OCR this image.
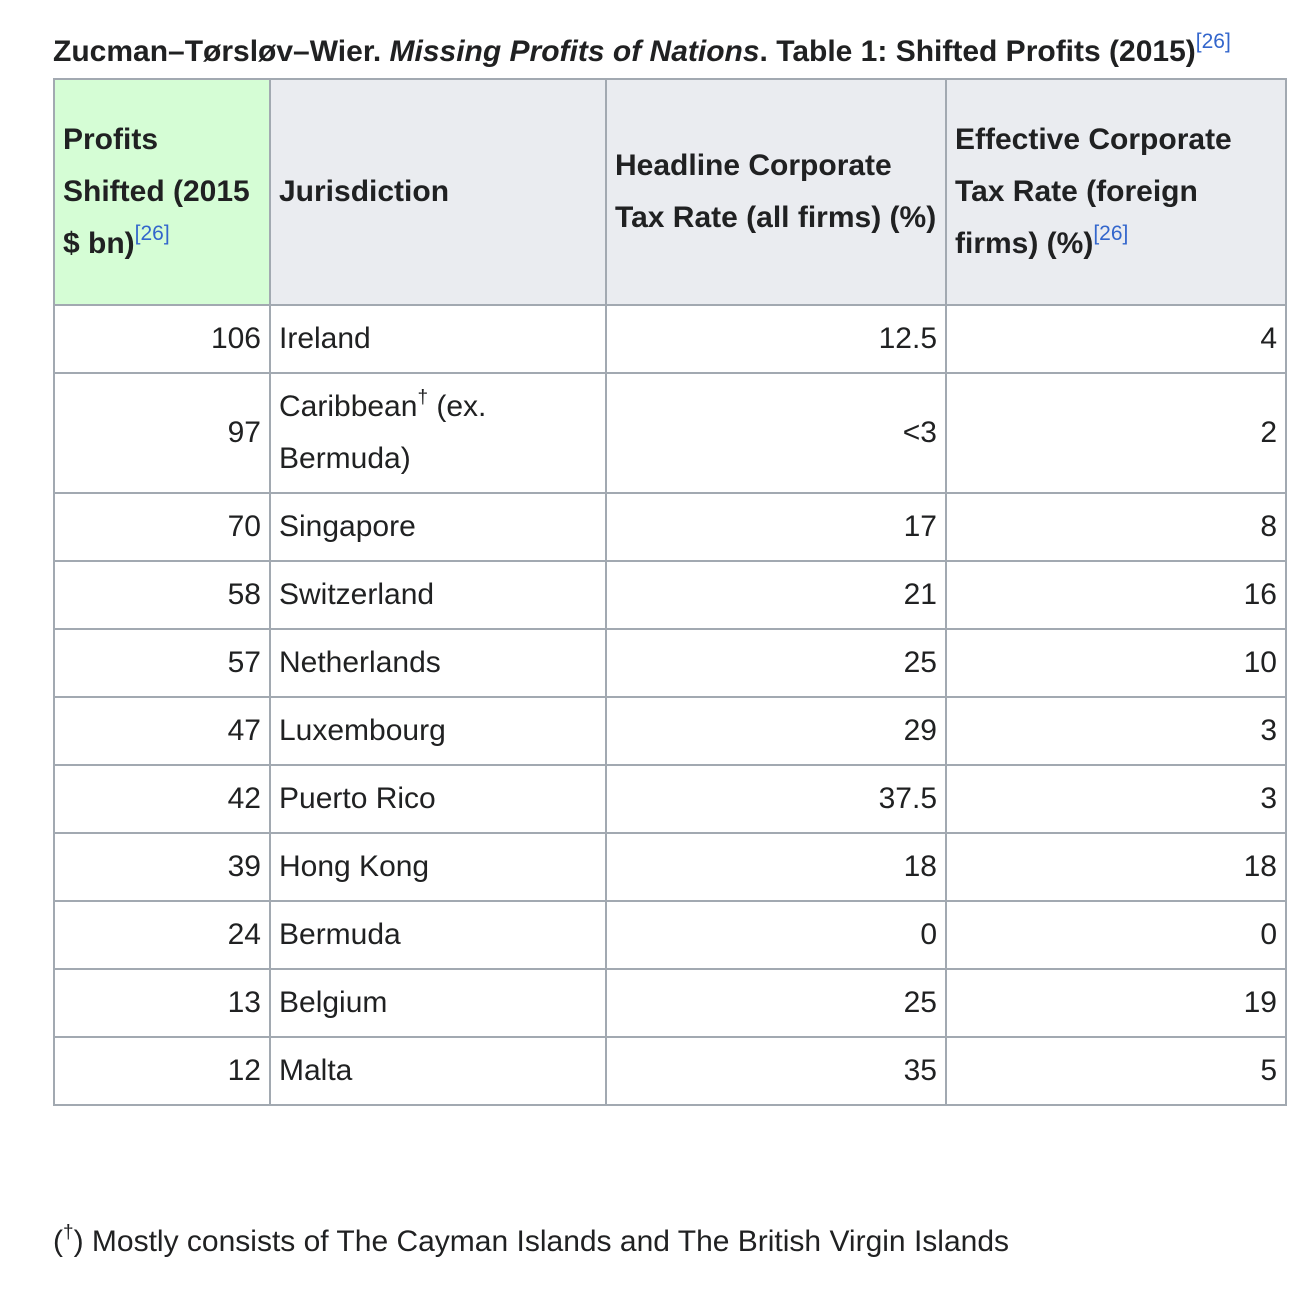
Zucman–Tørsløv–Wier. Missing Profits of Nations. Table 1: Shifted Profits (2015)[26]
Profits Shifted (2015 $ bn)[26]	Jurisdiction	Headline Corporate Tax Rate (all firms) (%)	Effective Corporate Tax Rate (foreign firms) (%)[26]
106	Ireland	12.5	4
97	Caribbean† (ex. Bermuda)	<3	2
70	Singapore	17	8
58	Switzerland	21	16
57	Netherlands	25	10
47	Luxembourg	29	3
42	Puerto Rico	37.5	3
39	Hong Kong	18	18
24	Bermuda	0	0
13	Belgium	25	19
12	Malta	35	5

(†) Mostly consists of The Cayman Islands and The British Virgin Islands
